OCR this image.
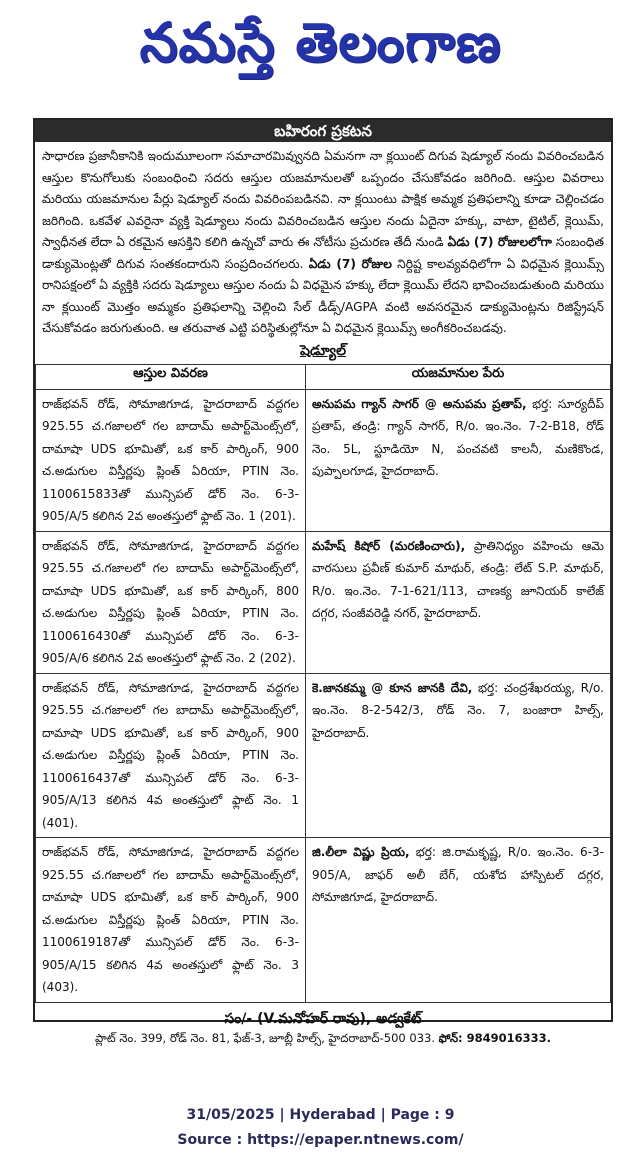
నమస్తే తెలంగాణ
బహిరంగ ప్రకటన
సాధారణ ప్రజానీకానికి ఇందుమూలంగా సమాచారమివ్వునది ఏమనగా నా క్లయింట్ దిగువ షెడ్యూల్ నందు వివరించబడిన ఆస్తుల కొనుగోలుకు సంబంధించి సదరు ఆస్తుల యజమానులతో ఒప్పందం చేసుకోవడం జరిగింది. ఆస్తుల వివరాలు మరియు యజమానుల పేర్లు షెడ్యూల్ నందు వివరింపబడినవి. నా క్లయింటు పాక్షిక అమ్మక ప్రతిఫలాన్ని కూడా చెల్లించడం జరిగింది. ఒకవేళ ఎవరైనా వ్యక్తి షెడ్యూలు నందు వివరించబడిన ఆస్తుల నందు ఏదైనా హక్కు, వాటా, టైటిల్, క్లెయిమ్, స్వాధీనత లేదా ఏ రకమైన ఆసక్తిని కలిగి ఉన్నచో వారు ఈ నోటీసు ప్రచురణ తేదీ నుండి ఏడు (7) రోజులలోగా సంబంధిత డాక్యుమెంట్లతో దిగువ సంతకందారుని సంప్రదించగలరు. ఏడు (7) రోజుల నిర్దిష్ట కాలవ్యవధిలోగా ఏ విధమైన క్లెయిమ్స్ రానిపక్షంలో ఏ వ్యక్తికి సదరు షెడ్యూలు ఆస్తుల నందు ఏ విధమైన హక్కు లేదా క్లెయిమ్ లేదని భావించబడుతుంది మరియు నా క్లయింట్ మొత్తం అమ్మకం ప్రతిఫలాన్ని చెల్లించి సేల్ డీడ్స్/AGPA వంటి అవసరమైన డాక్యుమెంట్లను రిజిస్ట్రేషన్ చేసుకోవడం జరుగుతుంది. ఆ తరువాత ఎట్టి పరిస్థితుల్లోనూ ఏ విధమైన క్లెయిమ్స్ అంగీకరించబడవు.
షెడ్యూల్
ఆస్తుల వివరణ	యజమానుల పేరు
రాజ్‌భవన్ రోడ్, సోమాజిగూడ, హైదరాబాద్ వద్దగల 925.55 చ.గజాలలో గల బాదామ్ అపార్ట్‌మెంట్స్‌లో, దామాషా UDS భూమితో, ఒక కార్ పార్కింగ్, 900 చ.అడుగుల విస్తీర్ణపు ప్లింత్ ఏరియా, PTIN నెం. 1100615833తో మున్సిపల్ డోర్ నెం. 6-3-905/A/5 కలిగిన 2వ అంతస్తులో ఫ్లాట్ నెం. 1 (201).	అనుపమ గ్యాన్ సాగర్ @ అనుపమ ప్రతాప్, భర్త: సూర్యదీప్ ప్రతాప్, తండ్రి: గ్యాన్ సాగర్, R/o. ఇం.నెం. 7-2-B18, రోడ్ నెం. 5L, స్టూడియో N, పంచవటి కాలనీ, మణికొండ, పుప్పాలగూడ, హైదరాబాద్.
రాజ్‌భవన్ రోడ్, సోమాజిగూడ, హైదరాబాద్ వద్దగల 925.55 చ.గజాలలో గల బాదామ్ అపార్ట్‌మెంట్స్‌లో, దామాషా UDS భూమితో, ఒక కార్ పార్కింగ్, 800 చ.అడుగుల విస్తీర్ణపు ప్లింత్ ఏరియా, PTIN నెం. 1100616430తో మున్సిపల్ డోర్ నెం. 6-3-905/A/6 కలిగిన 2వ అంతస్తులో ఫ్లాట్ నెం. 2 (202).	మహేష్ కిషోర్ (మరణించారు), ప్రాతినిధ్యం వహించు ఆమె వారసులు ప్రవీణ్ కుమార్ మాథుర్, తండ్రి: లేట్ S.P. మాథుర్, R/o. ఇం.నెం. 7-1-621/113, చాణక్య జూనియర్ కాలేజ్ దగ్గర, సంజీవరెడ్డి నగర్, హైదరాబాద్.
రాజ్‌భవన్ రోడ్, సోమాజిగూడ, హైదరాబాద్ వద్దగల 925.55 చ.గజాలలో గల బాదామ్ అపార్ట్‌మెంట్స్‌లో, దామాషా UDS భూమితో, ఒక కార్ పార్కింగ్, 900 చ.అడుగుల విస్తీర్ణపు ప్లింత్ ఏరియా, PTIN నెం. 1100616437తో మున్సిపల్ డోర్ నెం. 6-3-905/A/13 కలిగిన 4వ అంతస్తులో ఫ్లాట్ నెం. 1 (401).	కె.జానకమ్మ @ కూన జానకి దేవి, భర్త: చంద్రశేఖరయ్య, R/o. ఇం.నెం. 8-2-542/3, రోడ్ నెం. 7, బంజారా హిల్స్, హైదరాబాద్.
రాజ్‌భవన్ రోడ్, సోమాజిగూడ, హైదరాబాద్ వద్దగల 925.55 చ.గజాలలో గల బాదామ్ అపార్ట్‌మెంట్స్‌లో, దామాషా UDS భూమితో, ఒక కార్ పార్కింగ్, 900 చ.అడుగుల విస్తీర్ణపు ప్లింత్ ఏరియా, PTIN నెం. 1100619187తో మున్సిపల్ డోర్ నెం. 6-3-905/A/15 కలిగిన 4వ అంతస్తులో ఫ్లాట్ నెం. 3 (403).	జి.లీలా విష్ణు ప్రియ, భర్త: జి.రామకృష్ణ, R/o. ఇం.నెం. 6-3-905/A, జాఫర్ అలీ బేగ్, యశోద హాస్పిటల్ దగ్గర, సోమాజిగూడ, హైదరాబాద్.
సం/- (V.మనోహర్ రావు), అడ్వకేట్
ప్లాట్ నెం. 399, రోడ్ నెం. 81, ఫేజ్-3, జూబ్లీ హిల్స్, హైదరాబాద్-500 033. ఫోన్: 9849016333.
31/05/2025 | Hyderabad | Page : 9
Source : https://epaper.ntnews.com/
